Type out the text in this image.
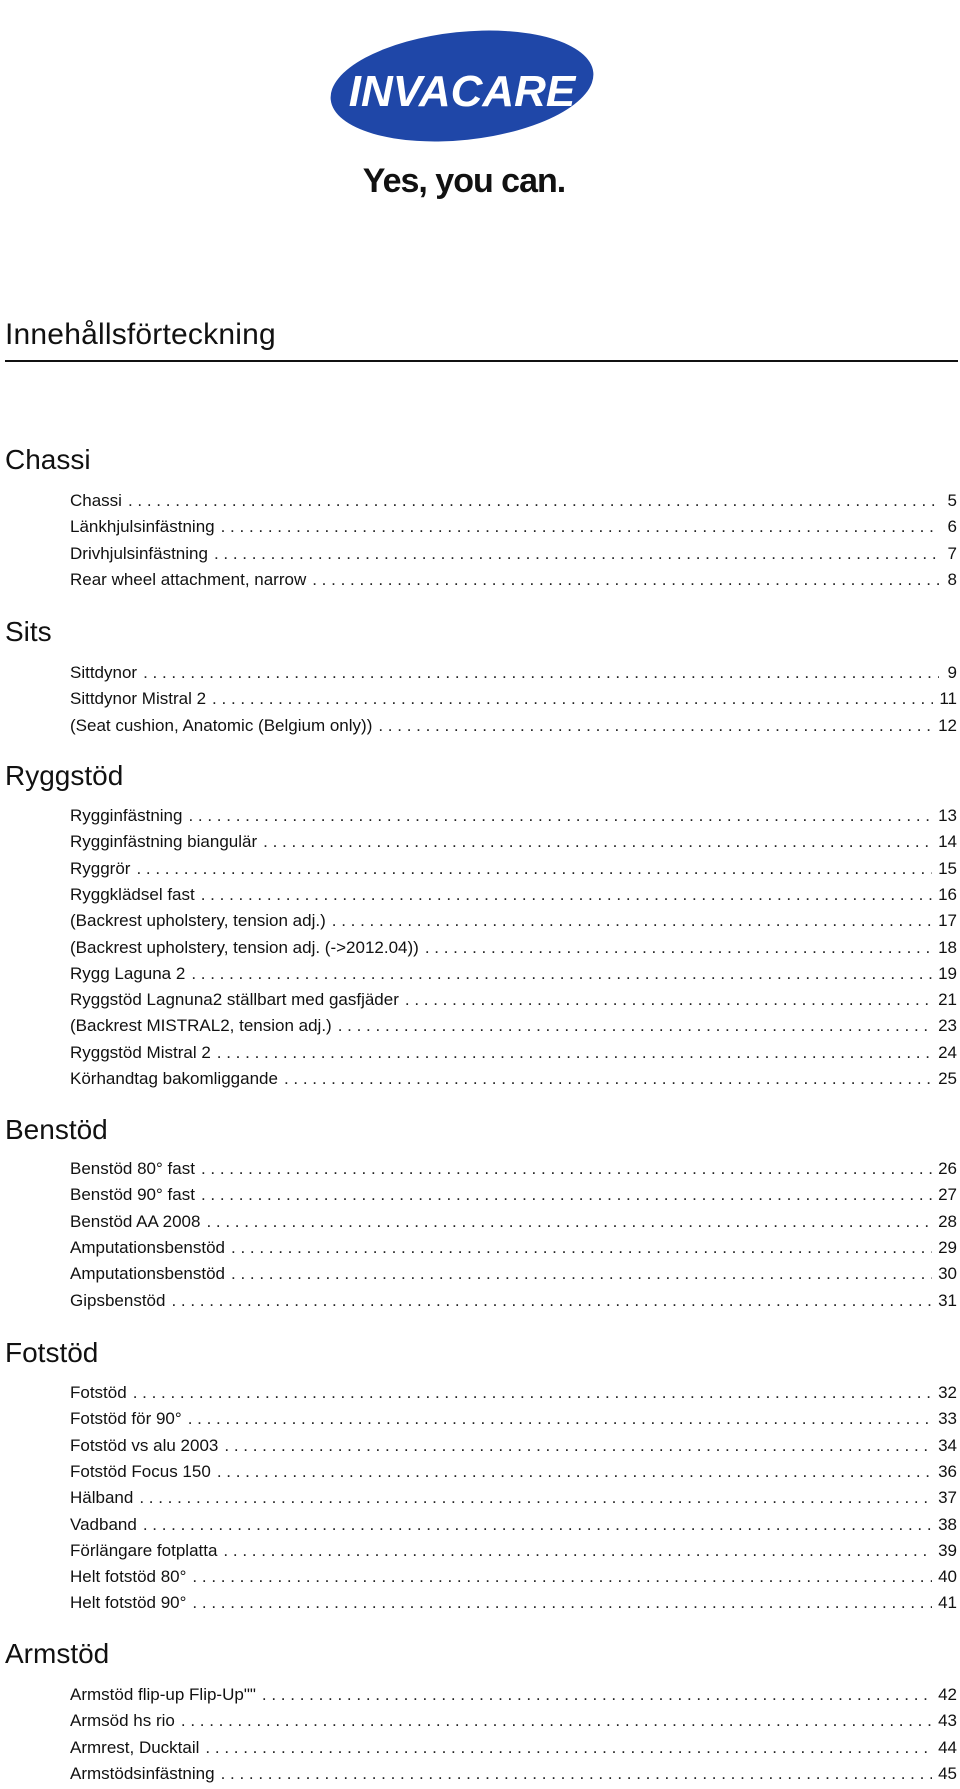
INVACARE
Yes, you can.
Innehållsförteckning
Chassi
Chassi . . .	5
Länkhjulsinfästning . . .	6
Drivhjulsinfästning . . .	7
Rear wheel attachment, narrow . . .	8
Sits
Sittdynor . . .	9
Sittdynor Mistral 2 . . .	11
(Seat cushion, Anatomic (Belgium only)) . . .	12
Ryggstöd
Rygginfästning . . .	13
Rygginfästning biangulär . . .	14
Ryggrör . . .	15
Ryggklädsel fast . . .	16
(Backrest upholstery, tension adj.) . . .	17
(Backrest upholstery, tension adj. (->2012.04)) . . .	18
Rygg Laguna 2 . . .	19
Ryggstöd Lagnuna2 ställbart med gasfjäder . . .	21
(Backrest MISTRAL2, tension adj.) . . .	23
Ryggstöd Mistral 2 . . .	24
Körhandtag bakomliggande . . .	25
Benstöd
Benstöd 80° fast . . .	26
Benstöd 90° fast . . .	27
Benstöd AA 2008 . . .	28
Amputationsbenstöd . . .	29
Amputationsbenstöd . . .	30
Gipsbenstöd . . .	31
Fotstöd
Fotstöd . . .	32
Fotstöd för 90° . . .	33
Fotstöd vs alu 2003 . . .	34
Fotstöd Focus 150 . . .	36
Hälband . . .	37
Vadband . . .	38
Förlängare fotplatta . . .	39
Helt fotstöd 80° . . .	40
Helt fotstöd 90° . . .	41
Armstöd
Armstöd flip-up Flip-Up"" . . .	42
Armsöd hs rio . . .	43
Armrest, Ducktail . . .	44
Armstödsinfästning . . .	45
